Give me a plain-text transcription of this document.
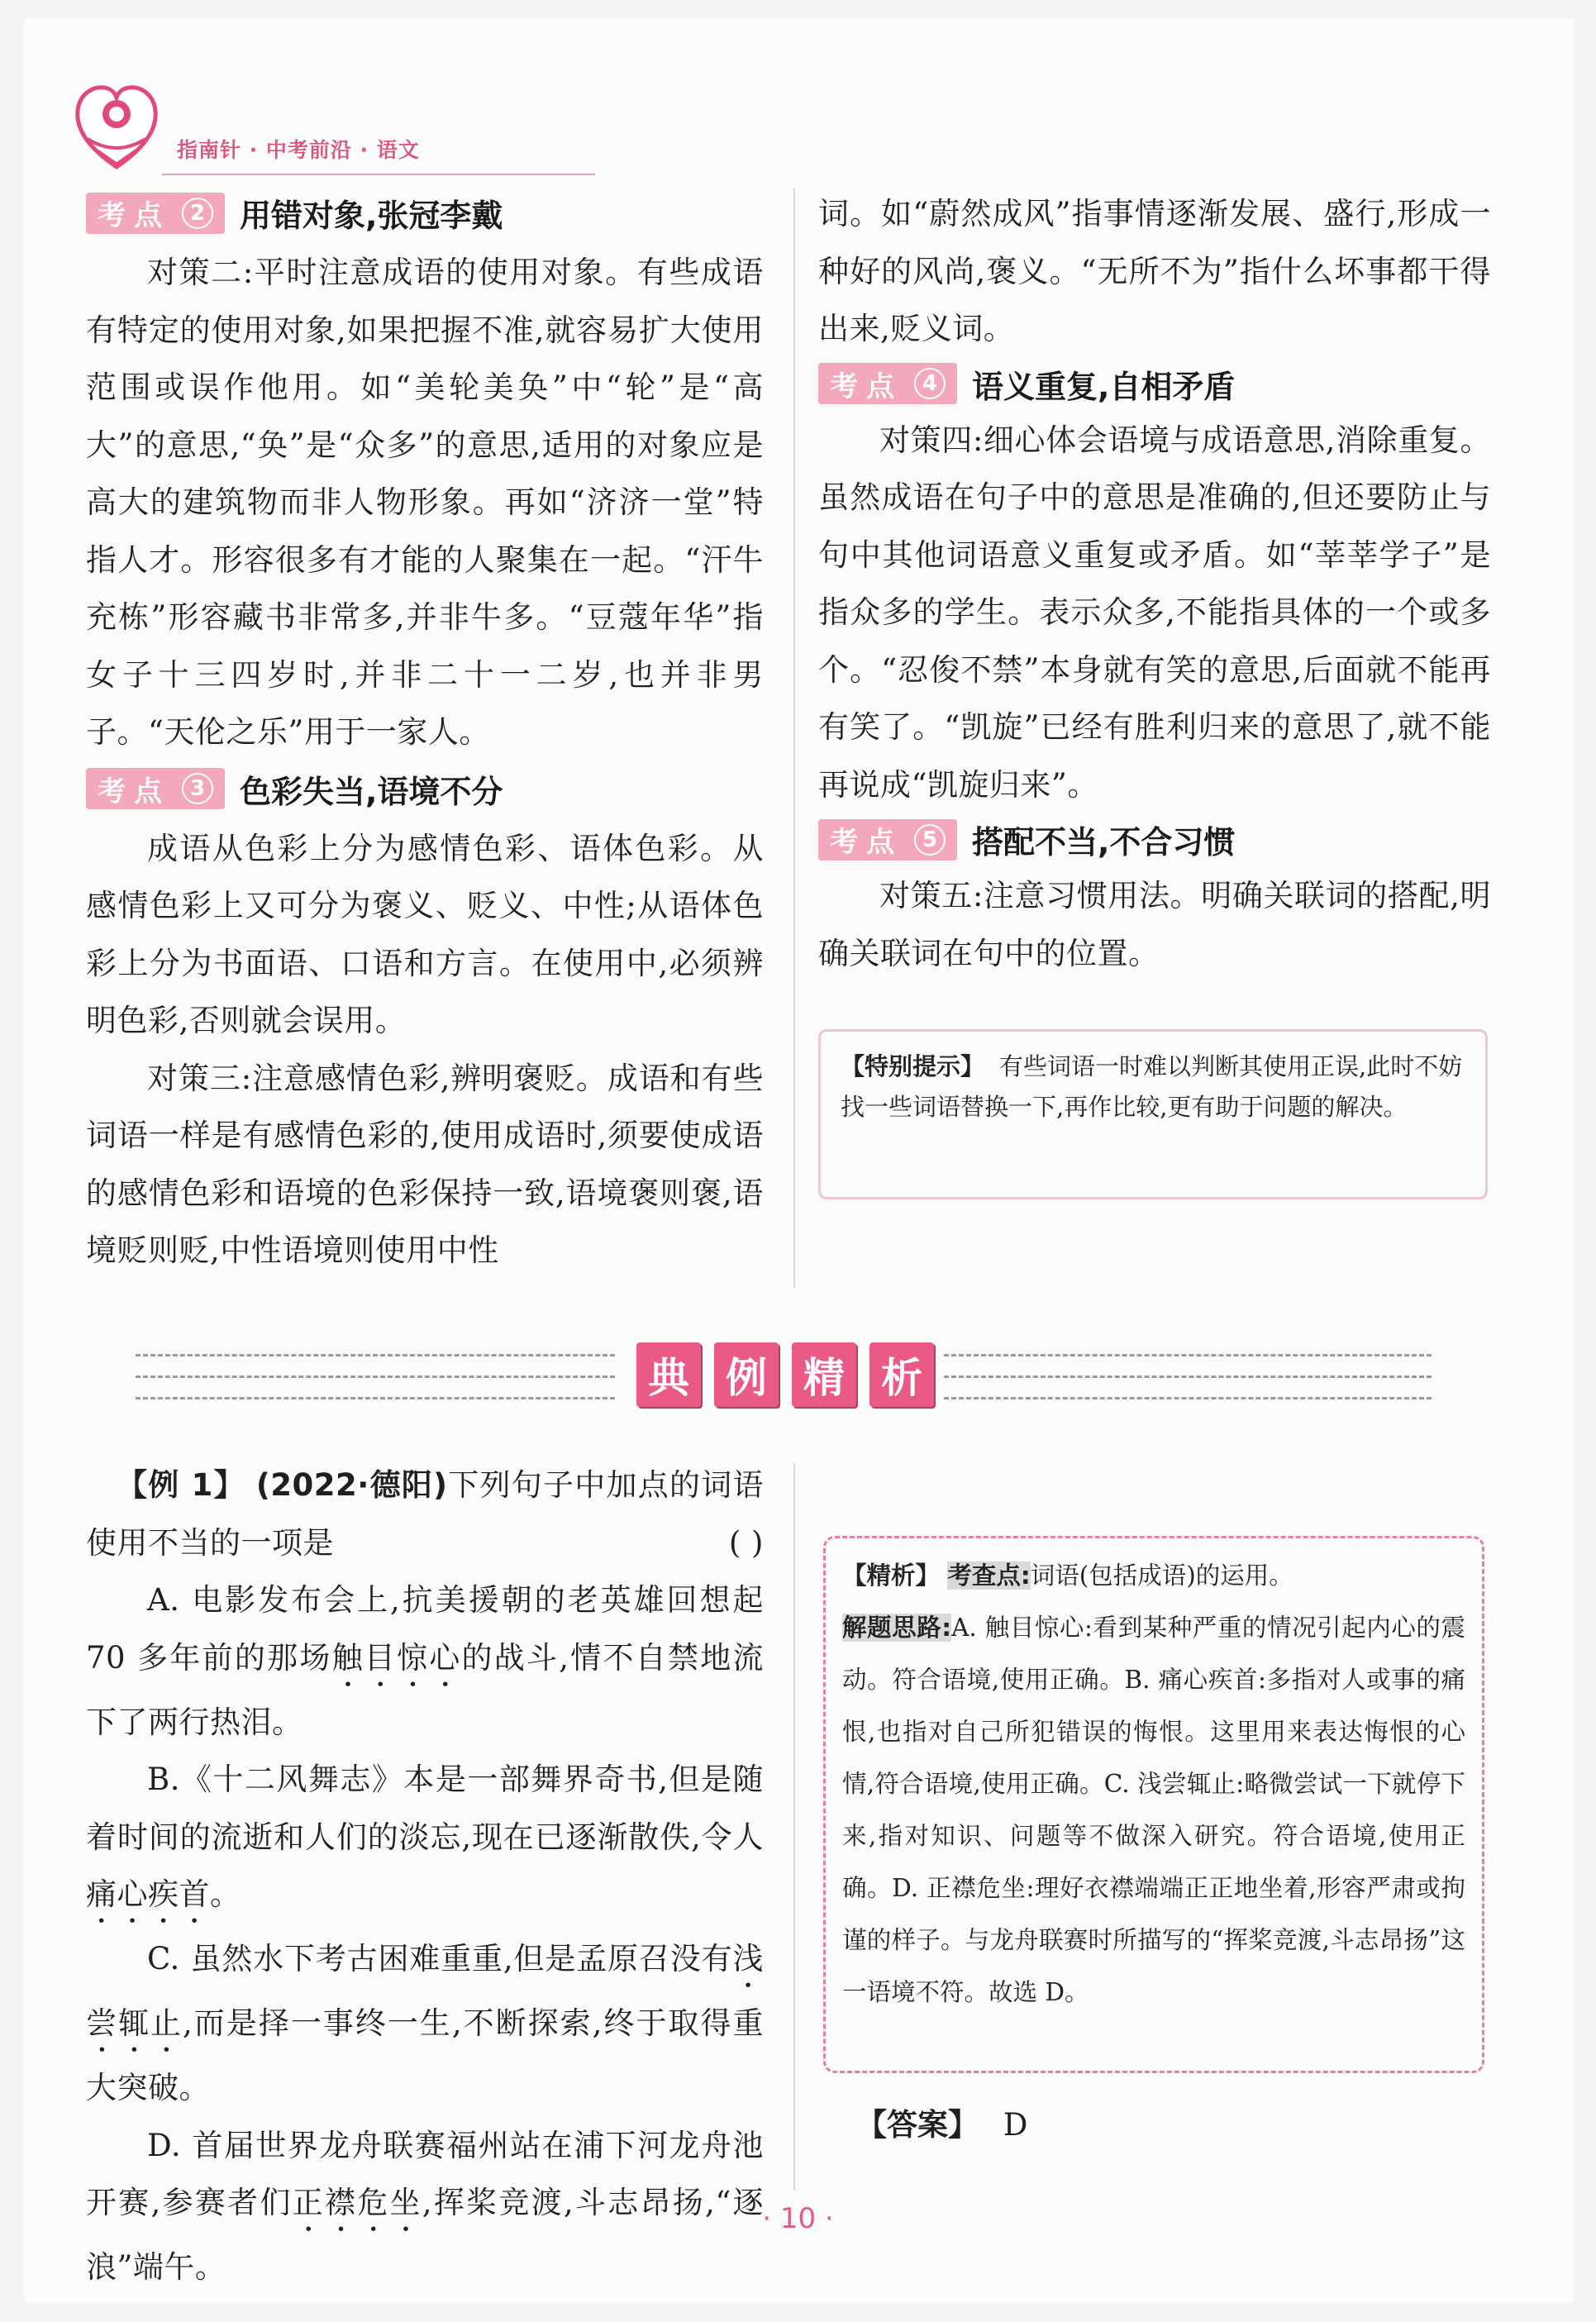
指南针 · 中考前沿 · 语文
考点 2 用错对象,张冠李戴

对策二:平时注意成语的使用对象。有些成语有特定的使用对象,如果把握不准,就容易扩大使用范围或误作他用。如“美轮美奂”中“轮”是“高大”的意思,“奂”是“众多”的意思,适用的对象应是高大的建筑物而非人物形象。再如“济济一堂”特指人才。形容很多有才能的人聚集在一起。“汗牛充栋”形容藏书非常多,并非牛多。“豆蔻年华”指女子十三四岁时,并非二十一二岁,也并非男子。“天伦之乐”用于一家人。

考点 3 色彩失当,语境不分

成语从色彩上分为感情色彩、语体色彩。从感情色彩上又可分为褒义、贬义、中性;从语体色彩上分为书面语、口语和方言。在使用中,必须辨明色彩,否则就会误用。

对策三:注意感情色彩,辨明褒贬。成语和有些词语一样是有感情色彩的,使用成语时,须要使成语的感情色彩和语境的色彩保持一致,语境褒则褒,语境贬则贬,中性语境则使用中性

词。如“蔚然成风”指事情逐渐发展、盛行,形成一种好的风尚,褒义。“无所不为”指什么坏事都干得出来,贬义词。

考点 4 语义重复,自相矛盾

对策四:细心体会语境与成语意思,消除重复。虽然成语在句子中的意思是准确的,但还要防止与句中其他词语意义重复或矛盾。如“莘莘学子”是指众多的学生。表示众多,不能指具体的一个或多个。“忍俊不禁”本身就有笑的意思,后面就不能再有笑了。“凯旋”已经有胜利归来的意思了,就不能再说成“凯旋归来”。

考点 5 搭配不当,不合习惯

对策五:注意习惯用法。明确关联词的搭配,明确关联词在句中的位置。

【特别提示】 有些词语一时难以判断其使用正误,此时不妨找一些词语替换一下,再作比较,更有助于问题的解决。
典 例 精 析

【例 1】 (2022·德阳)下列句子中加点的词语使用不当的一项是	( )

A. 电影发布会上,抗美援朝的老英雄回想起 70 多年前的那场触目惊心的战斗,情不自禁地流下了两行热泪。

B.《十二风舞志》本是一部舞界奇书,但是随着时间的流逝和人们的淡忘,现在已逐渐散佚,令人痛心疾首。

C. 虽然水下考古困难重重,但是孟原召没有浅尝辄止,而是择一事终一生,不断探索,终于取得重大突破。

D. 首届世界龙舟联赛福州站在浦下河龙舟池开赛,参赛者们正襟危坐,挥桨竞渡,斗志昂扬,“逐浪”端午。

【精析】 考查点:词语(包括成语)的运用。
解题思路:A. 触目惊心:看到某种严重的情况引起内心的震动。符合语境,使用正确。B. 痛心疾首:多指对人或事的痛恨,也指对自己所犯错误的悔恨。这里用来表达悔恨的心情,符合语境,使用正确。C. 浅尝辄止:略微尝试一下就停下来,指对知识、问题等不做深入研究。符合语境,使用正确。D. 正襟危坐:理好衣襟端端正正地坐着,形容严肃或拘谨的样子。与龙舟联赛时所描写的“挥桨竞渡,斗志昂扬”这一语境不符。故选 D。
【答案】 D
· 10 ·
